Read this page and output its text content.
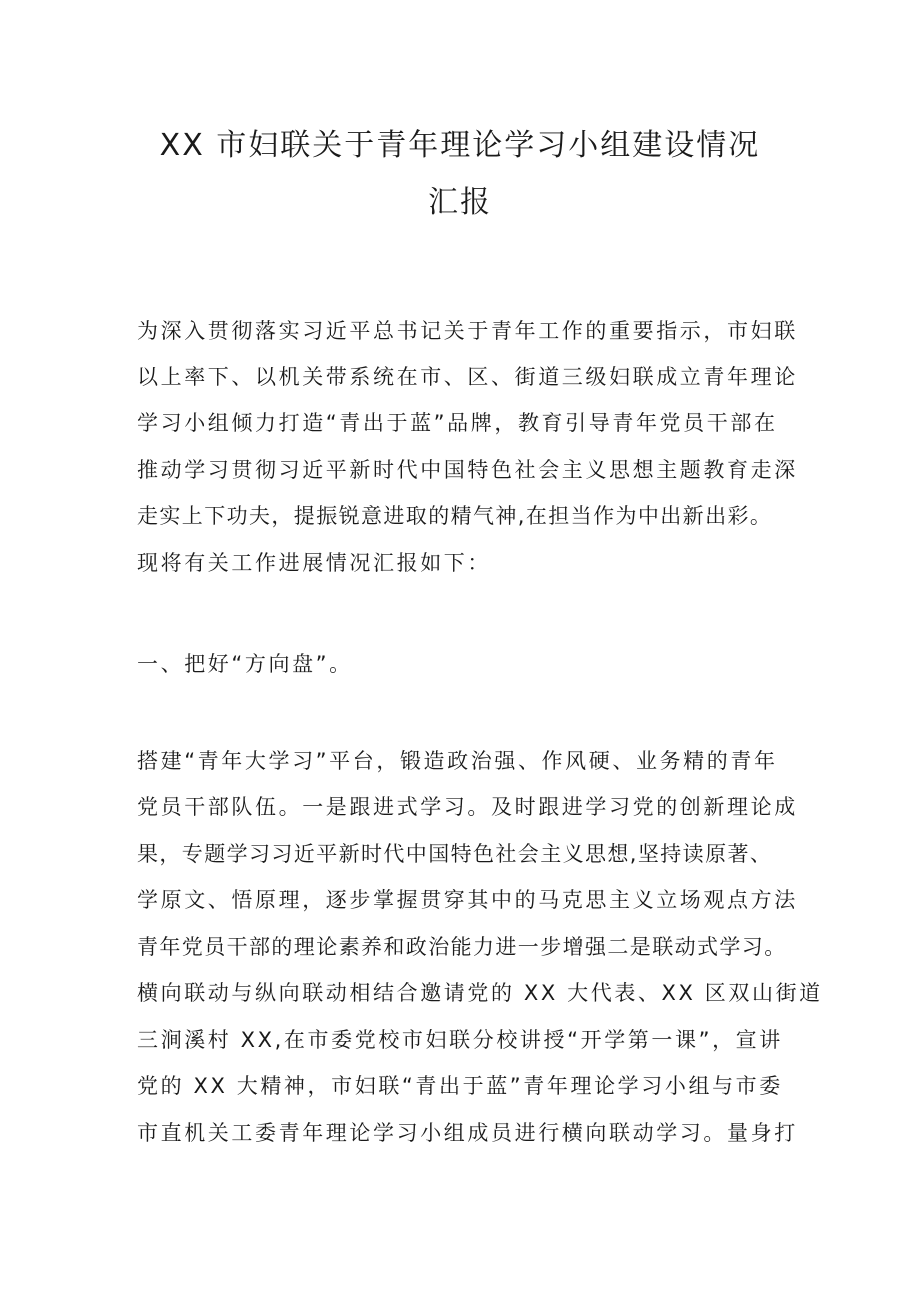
XX 市妇联关于青年理论学习小组建设情况
汇报
为深入贯彻落实习近平总书记关于青年工作的重要指示，市妇联
以上率下、以机关带系统在市、区、街道三级妇联成立青年理论
学习小组倾力打造“青出于蓝”品牌，教育引导青年党员干部在
推动学习贯彻习近平新时代中国特色社会主义思想主题教育走深
走实上下功夫，提振锐意进取的精气神,在担当作为中出新出彩。
现将有关工作进展情况汇报如下：
一、把好“方向盘”。
搭建“青年大学习”平台，锻造政治强、作风硬、业务精的青年
党员干部队伍。一是跟进式学习。及时跟进学习党的创新理论成
果，专题学习习近平新时代中国特色社会主义思想,坚持读原著、
学原文、悟原理，逐步掌握贯穿其中的马克思主义立场观点方法
青年党员干部的理论素养和政治能力进一步增强二是联动式学习。
横向联动与纵向联动相结合邀请党的 XX 大代表、XX 区双山街道
三涧溪村 XX,在市委党校市妇联分校讲授“开学第一课”，宣讲
党的 XX 大精神，市妇联“青出于蓝”青年理论学习小组与市委
市直机关工委青年理论学习小组成员进行横向联动学习。量身打
